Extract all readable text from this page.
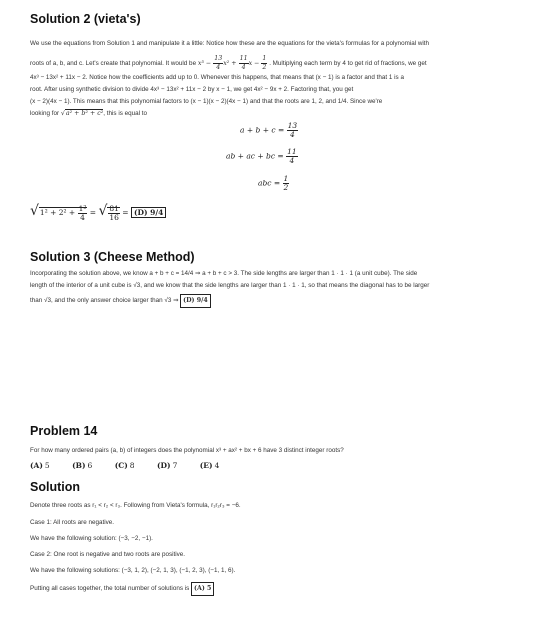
Solution 2 (vieta's)

We use the equations from Solution 1 and manipulate it a little: Notice how these are the equations for the vieta's formulas for a polynomial with

roots of a, b, and c. Let's create that polynomial. It would be $x^3 - \frac{13}{4} x^2 + \frac{11}{4}$ $x - \frac{1}{2}$ . Multiplying each term by 4 to get rid of fractions, we get

4x³ − 13x² + 11x − 2. Notice how the coefficients add up to 0. Whenever this happens, that means that (x − 1) is a factor and that 1 is a

root. After using synthetic division to divide 4x³ − 13x² + 11x − 2 by x − 1, we get 4x² − 9x + 2. Factoring that, you get

(x − 2)(4x − 1). This means that this polynomial factors to (x − 1)(x − 2)(4x − 1) and that the roots are 1, 2, and 1/4. Since we're

looking for √a² + b² + c², this is equal to

$a + b + c = \frac{13}{4}$
ab + ac + bc = $\frac{11}{4}$
abc = $\frac{1}{2}$
$√1^2 + 2^2 + \frac{\text{1²}}{4}$ = √ $\frac{81}{16} = (D)$ 9/4
Solution 3 (Cheese Method)

Incorporating the solution above, we know a + b + c = 14/4 ⇒ a + b + c > 3. The side lengths are larger than 1 · 1 · 1 (a unit cube). The side

length of the interior of a unit cube is √3, and we know that the side lengths are larger than 1 · 1 · 1, so that means the diagonal has to be larger

than √3, and the only answer choice larger than √3 ⇒ (D) 9/4

Problem 14

For how many ordered pairs (a, b) of integers does the polynomial x³ + ax² + bx + 6 have 3 distinct integer roots?

(A) 5	(B) 6	(C) 8	(D) 7	(E) 4
Solution

Denote three roots as r₁ < r₂ < r₃. Following from Vieta's formula, r₁r₂r₃ = −6.

Case 1: All roots are negative.

We have the following solution: (−3, −2, −1).

Case 2: One root is negative and two roots are positive.

We have the following solutions: (−3, 1, 2), (−2, 1, 3), (−1, 2, 3), (−1, 1, 6).

Putting all cases together, the total number of solutions is (A) 5
